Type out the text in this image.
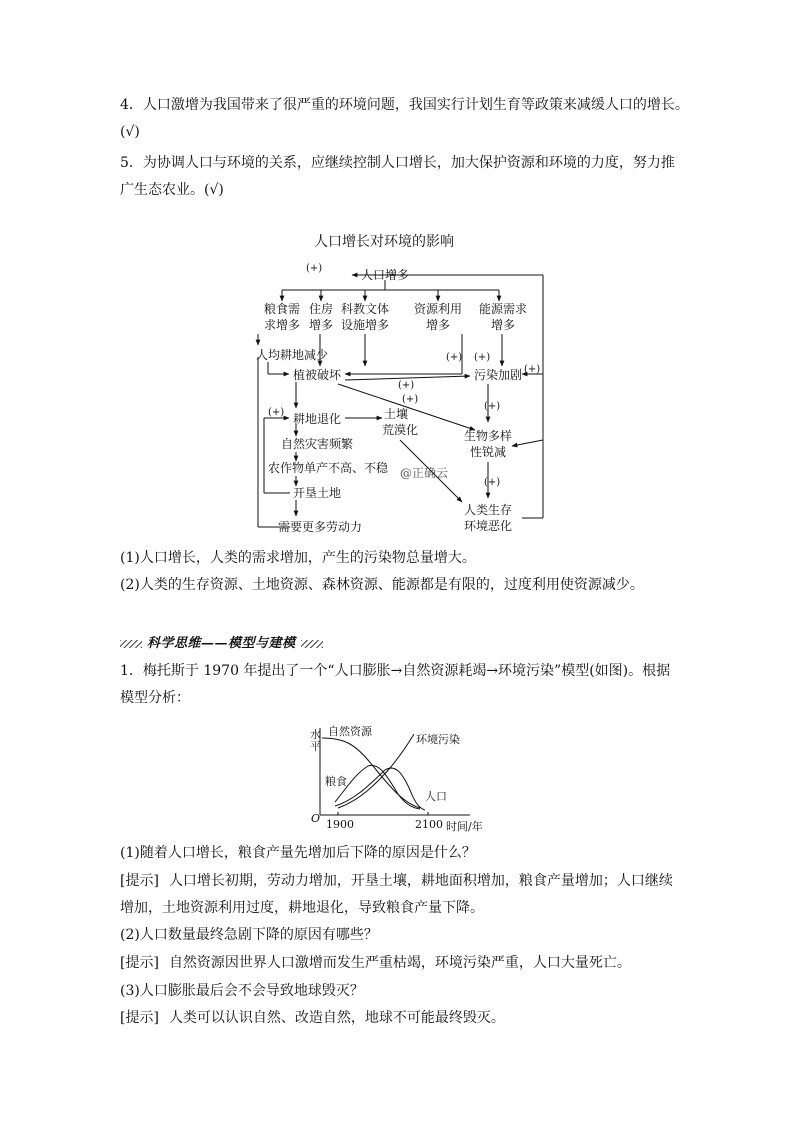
4．人口激增为我国带来了很严重的环境问题，我国实行计划生育等政策来减缓人口的增长。
(√)
5．为协调人口与环境的关系，应继续控制人口增长，加大保护资源和环境的力度，努力推
广生态农业。(√)
人口增长对环境的影响
人口增多
(+)
粮食需
求增多
住房
增多
科教文体
设施增多
资源利用
增多
能源需求
增多
人均耕地减少
植被破坏	污染加剧
(+) (+)
(+)
(+)
(+)
(+)
(+)
(+)
耕地退化	土壤
荒漠化
自然灾害频繁
农作物单产不高、不稳
开垦土地
需要更多劳动力
生物多样
性锐减
人类生存
环境恶化
@正确云
(1)人口增长，人类的需求增加，产生的污染物总量增大。
(2)人类的生存资源、土地资源、森林资源、能源都是有限的，过度利用使资源减少。
科学思维——模型与建模
1．梅托斯于 1970 年提出了一个“人口膨胀→自然资源耗竭→环境污染”模型(如图)。根据
模型分析：
水
平
O 1900	2100 时间/年
自然资源
环境污染
粮食
人口
(1)随着人口增长，粮食产量先增加后下降的原因是什么？
[提示] 人口增长初期，劳动力增加，开垦土壤，耕地面积增加，粮食产量增加；人口继续
增加，土地资源利用过度，耕地退化，导致粮食产量下降。
(2)人口数量最终急剧下降的原因有哪些？
[提示] 自然资源因世界人口激增而发生严重枯竭，环境污染严重，人口大量死亡。
(3)人口膨胀最后会不会导致地球毁灭？
[提示] 人类可以认识自然、改造自然，地球不可能最终毁灭。
